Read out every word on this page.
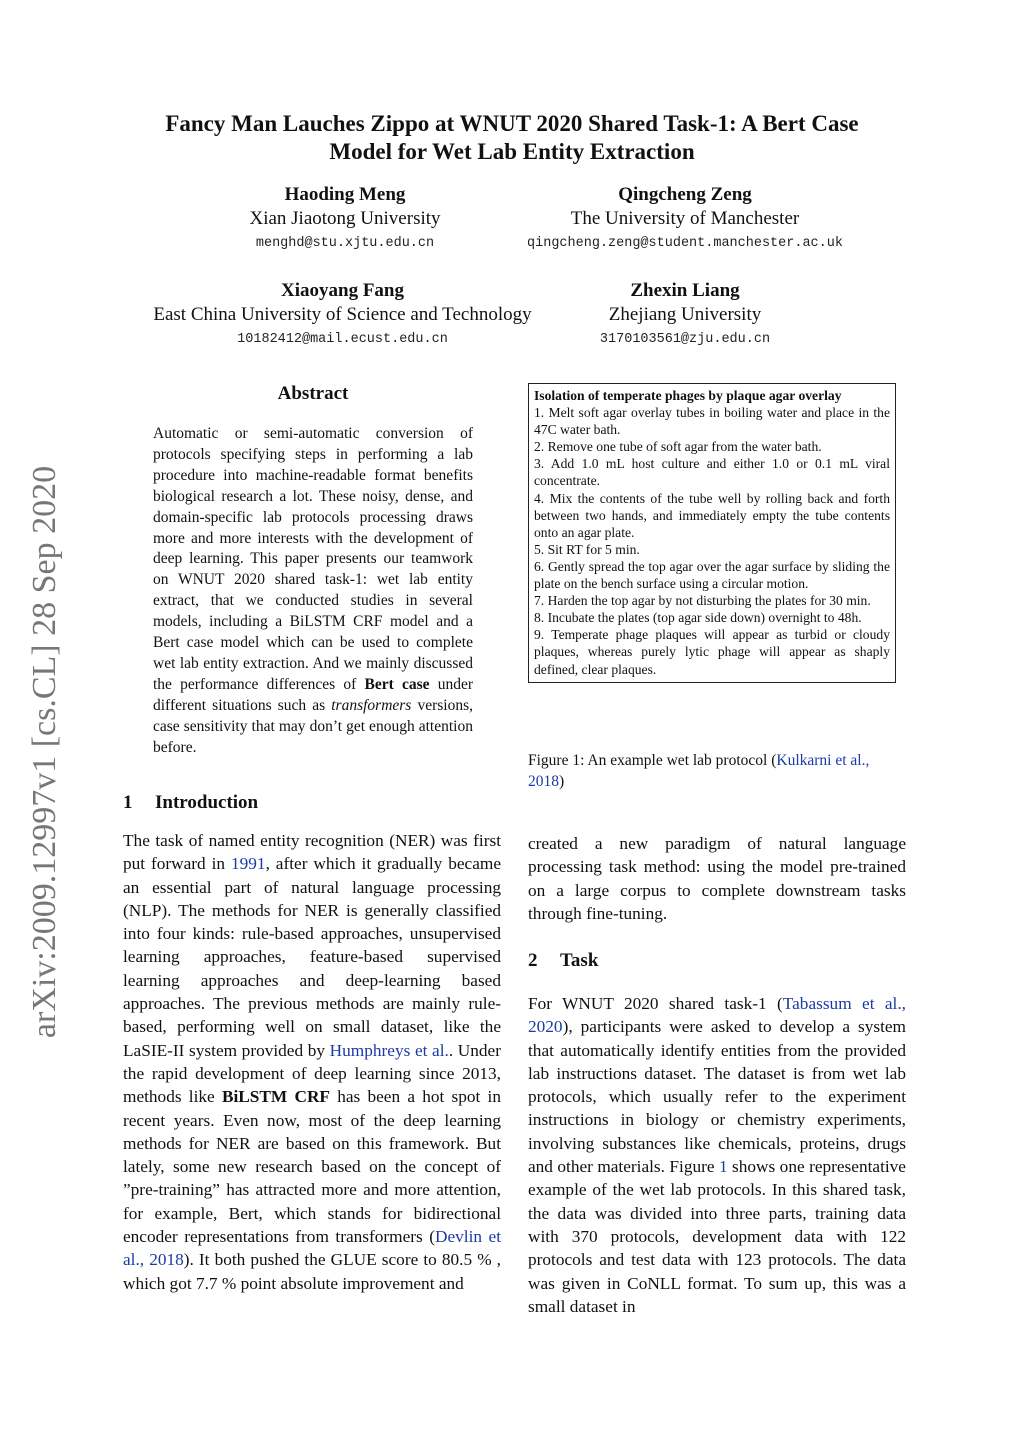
arXiv:2009.12997v1 [cs.CL] 28 Sep 2020
Fancy Man Lauches Zippo at WNUT 2020 Shared Task-1: A Bert Case
Model for Wet Lab Entity Extraction
Haoding Meng
Xian Jiaotong University
menghd@stu.xjtu.edu.cn
Qingcheng Zeng
The University of Manchester
qingcheng.zeng@student.manchester.ac.uk
Xiaoyang Fang
East China University of Science and Technology
10182412@mail.ecust.edu.cn
Zhexin Liang
Zhejiang University
3170103561@zju.edu.cn
Abstract
Automatic or semi-automatic conversion of protocols specifying steps in performing a lab procedure into machine-readable format benefits biological research a lot. These noisy, dense, and domain-specific lab protocols processing draws more and more interests with the development of deep learning. This paper presents our teamwork on WNUT 2020 shared task-1: wet lab entity extract, that we conducted studies in several models, including a BiLSTM CRF model and a Bert case model which can be used to complete wet lab entity extraction. And we mainly discussed the performance differences of Bert case under different situations such as transformers versions, case sensitivity that may don’t get enough attention before.
1 Introduction
The task of named entity recognition (NER) was first put forward in 1991, after which it gradually became an essential part of natural language processing (NLP). The methods for NER is generally classified into four kinds: rule-based approaches, unsupervised learning approaches, feature-based supervised learning approaches and deep-learning based approaches. The previous methods are mainly rule-based, performing well on small dataset, like the LaSIE-II system provided by Humphreys et al.. Under the rapid development of deep learning since 2013, methods like BiLSTM CRF has been a hot spot in recent years. Even now, most of the deep learning methods for NER are based on this framework. But lately, some new research based on the concept of ”pre-training” has attracted more and more attention, for example, Bert, which stands for bidirectional encoder representations from transformers (Devlin et al., 2018). It both pushed the GLUE score to 80.5 % , which got 7.7 % point absolute improvement and
Isolation of temperate phages by plaque agar overlay
1. Melt soft agar overlay tubes in boiling water and place in the 47C water bath.
2. Remove one tube of soft agar from the water bath.
3. Add 1.0 mL host culture and either 1.0 or 0.1 mL viral concentrate.
4. Mix the contents of the tube well by rolling back and forth between two hands, and immediately empty the tube contents onto an agar plate.
5. Sit RT for 5 min.
6. Gently spread the top agar over the agar surface by sliding the plate on the bench surface using a circular motion.
7. Harden the top agar by not disturbing the plates for 30 min.
8. Incubate the plates (top agar side down) overnight to 48h.
9. Temperate phage plaques will appear as turbid or cloudy plaques, whereas purely lytic phage will appear as shaply defined, clear plaques.
Figure 1: An example wet lab protocol (Kulkarni et al., 2018)
created a new paradigm of natural language processing task method: using the model pre-trained on a large corpus to complete downstream tasks through fine-tuning.
2 Task
For WNUT 2020 shared task-1 (Tabassum et al., 2020), participants were asked to develop a system that automatically identify entities from the provided lab instructions dataset. The dataset is from wet lab protocols, which usually refer to the experiment instructions in biology or chemistry experiments, involving substances like chemicals, proteins, drugs and other materials. Figure 1 shows one representative example of the wet lab protocols. In this shared task, the data was divided into three parts, training data with 370 protocols, development data with 122 protocols and test data with 123 protocols. The data was given in CoNLL format. To sum up, this was a small dataset in
